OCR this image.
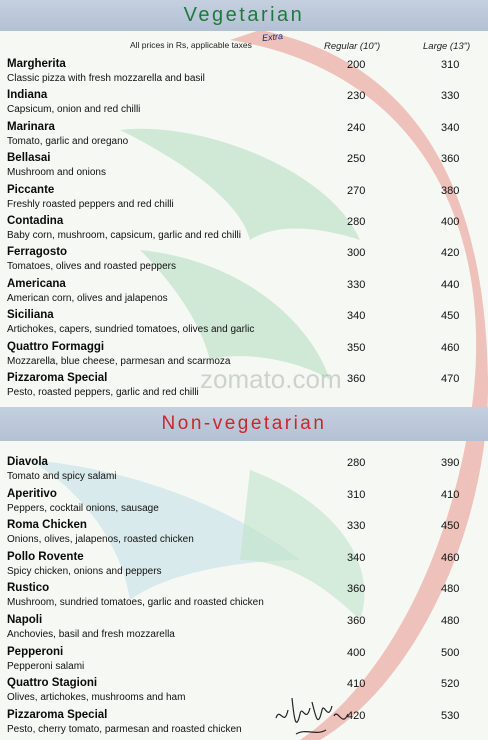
zomato.com
Vegetarian
All prices in Rs, applicable taxes
Extra
Regular (10")	Large (13")
Non-vegetarian
Margherita
Classic pizza with fresh mozzarella and basil
200	310
Indiana
Capsicum, onion and red chilli
230	330
Marinara
Tomato, garlic and oregano
240	340
Bellasai
Mushroom and onions
250	360
Piccante
Freshly roasted peppers and red chilli
270	380
Contadina
Baby corn, mushroom, capsicum, garlic and red chilli
280	400
Ferragosto
Tomatoes, olives and roasted peppers
300	420
Americana
American corn, olives and jalapenos
330	440
Siciliana
Artichokes, capers, sundried tomatoes, olives and garlic
340	450
Quattro Formaggi
Mozzarella, blue cheese, parmesan and scarmoza
350	460
Pizzaroma Special
Pesto, roasted peppers, garlic and red chilli
360	470
Diavola
Tomato and spicy salami
280	390
Aperitivo
Peppers, cocktail onions, sausage
310	410
Roma Chicken
Onions, olives, jalapenos, roasted chicken
330	450
Pollo Rovente
Spicy chicken, onions and peppers
340	460
Rustico
Mushroom, sundried tomatoes, garlic and roasted chicken
360	480
Napoli
Anchovies, basil and fresh mozzarella
360	480
Pepperoni
Pepperoni salami
400	500
Quattro Stagioni
Olives, artichokes, mushrooms and ham
410	520
Pizzaroma Special
Pesto, cherry tomato, parmesan and roasted chicken
420	530
